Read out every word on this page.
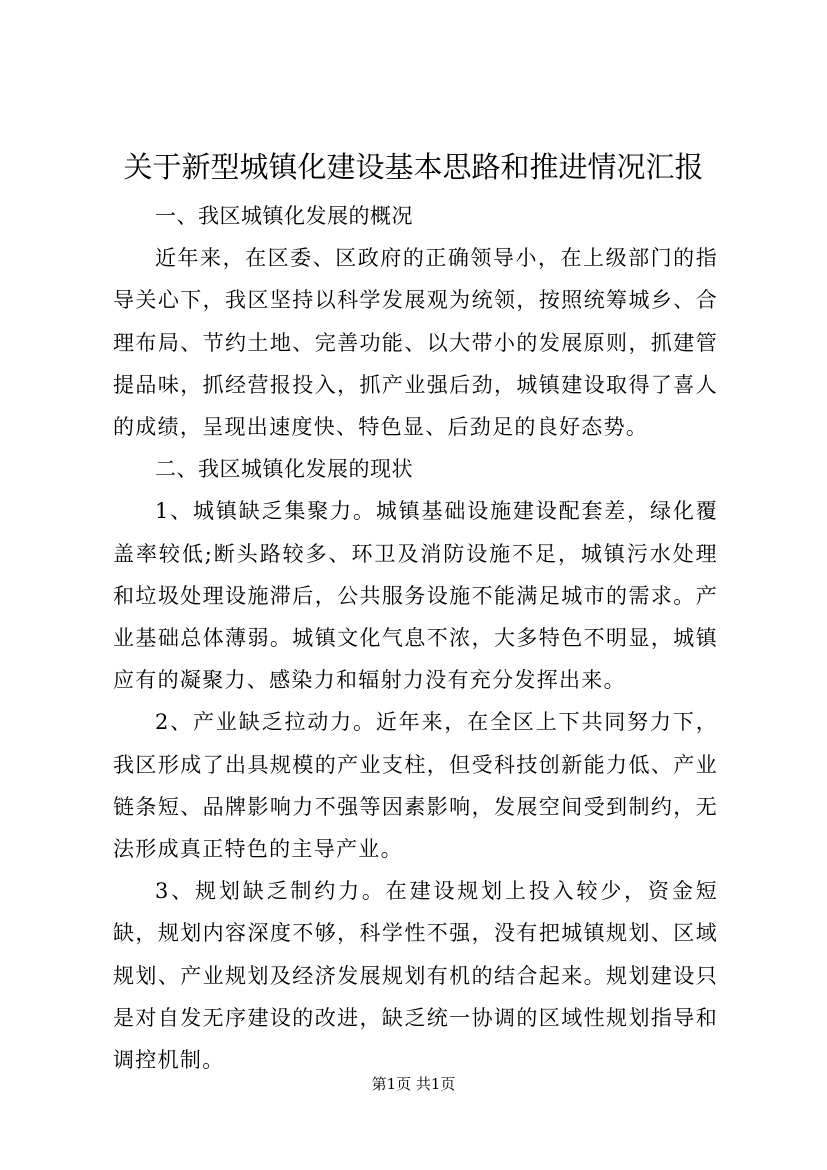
关于新型城镇化建设基本思路和推进情况汇报

一、我区城镇化发展的概况

近年来，在区委、区政府的正确领导小，在上级部门的指导关心下，我区坚持以科学发展观为统领，按照统筹城乡、合理布局、节约土地、完善功能、以大带小的发展原则，抓建管提品味，抓经营报投入，抓产业强后劲，城镇建设取得了喜人的成绩，呈现出速度快、特色显、后劲足的良好态势。

二、我区城镇化发展的现状

1、城镇缺乏集聚力。城镇基础设施建设配套差，绿化覆盖率较低;断头路较多、环卫及消防设施不足，城镇污水处理和垃圾处理设施滞后，公共服务设施不能满足城市的需求。产业基础总体薄弱。城镇文化气息不浓，大多特色不明显，城镇应有的凝聚力、感染力和辐射力没有充分发挥出来。

2、产业缺乏拉动力。近年来，在全区上下共同努力下，我区形成了出具规模的产业支柱，但受科技创新能力低、产业链条短、品牌影响力不强等因素影响，发展空间受到制约，无法形成真正特色的主导产业。

3、规划缺乏制约力。在建设规划上投入较少，资金短缺，规划内容深度不够，科学性不强，没有把城镇规划、区域规划、产业规划及经济发展规划有机的结合起来。规划建设只是对自发无序建设的改进，缺乏统一协调的区域性规划指导和调控机制。

第1页 共1页
